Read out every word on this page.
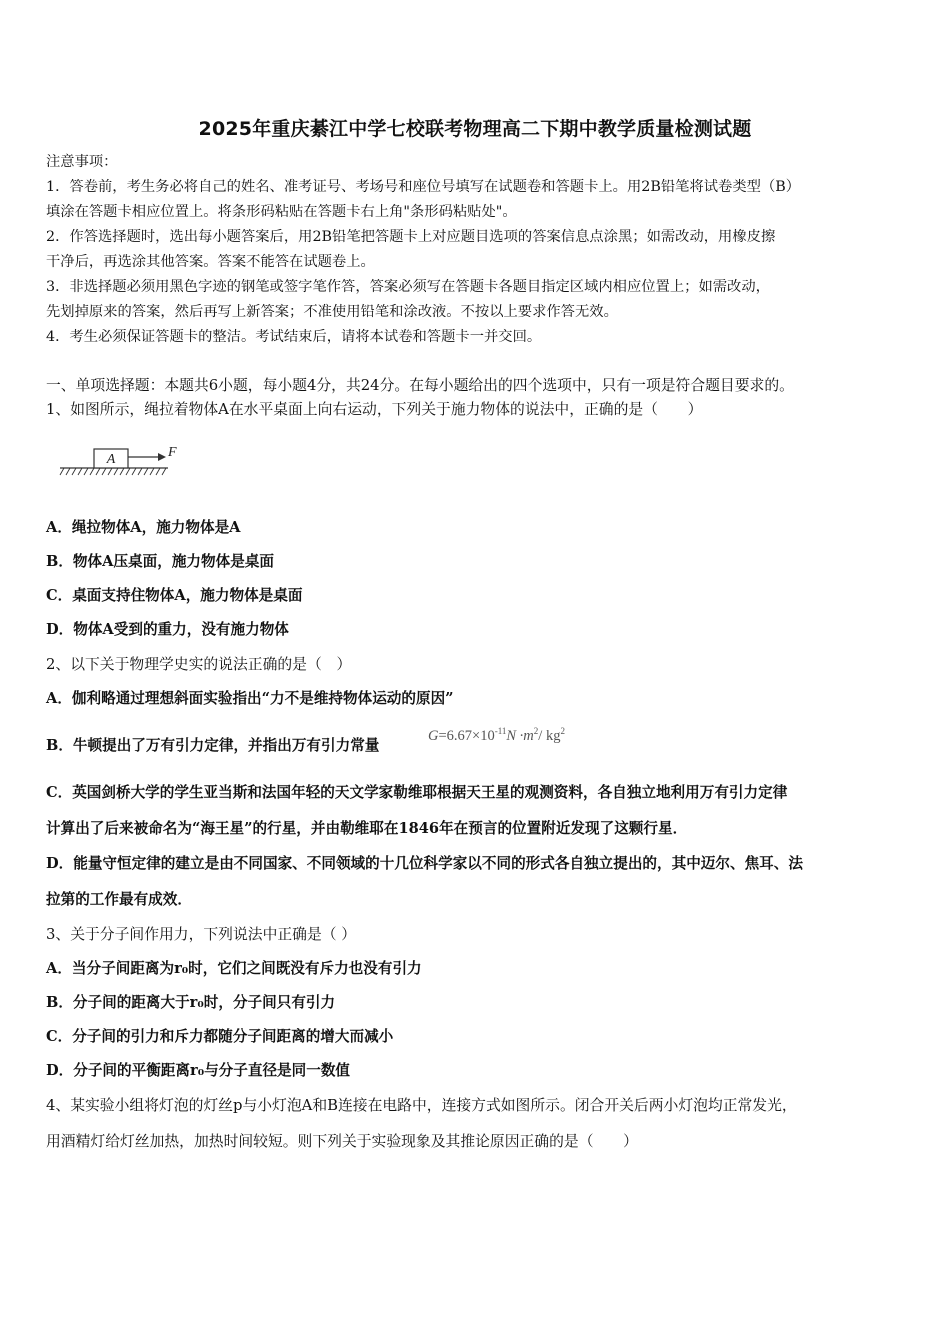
2025年重庆綦江中学七校联考物理高二下期中教学质量检测试题
注意事项：
1．答卷前，考生务必将自己的姓名、准考证号、考场号和座位号填写在试题卷和答题卡上。用2B铅笔将试卷类型（B）
填涂在答题卡相应位置上。将条形码粘贴在答题卡右上角"条形码粘贴处"。
2．作答选择题时，选出每小题答案后，用2B铅笔把答题卡上对应题目选项的答案信息点涂黑；如需改动，用橡皮擦
干净后，再选涂其他答案。答案不能答在试题卷上。
3．非选择题必须用黑色字迹的钢笔或签字笔作答，答案必须写在答题卡各题目指定区域内相应位置上；如需改动，
先划掉原来的答案，然后再写上新答案；不准使用铅笔和涂改液。不按以上要求作答无效。
4．考生必须保证答题卡的整洁。考试结束后，请将本试卷和答题卡一并交回。
一、单项选择题：本题共6小题，每小题4分，共24分。在每小题给出的四个选项中，只有一项是符合题目要求的。
1、如图所示，绳拉着物体A在水平桌面上向右运动，下列关于施力物体的说法中，正确的是（　　）
A	F
A．绳拉物体A，施力物体是A
B．物体A压桌面，施力物体是桌面
C．桌面支持住物体A，施力物体是桌面
D．物体A受到的重力，没有施力物体
2、以下关于物理学史实的说法正确的是（　）
A．伽利略通过理想斜面实验指出“力不是维持物体运动的原因”
B．牛顿提出了万有引力定律，并指出万有引力常量
$G=6.67\times 10^{-11}N \cdot m^2/$ $kg^2$
C．英国剑桥大学的学生亚当斯和法国年轻的天文学家勒维耶根据天王星的观测资料，各自独立地利用万有引力定律
计算出了后来被命名为“海王星”的行星，并由勒维耶在1846年在预言的位置附近发现了这颗行星．
D．能量守恒定律的建立是由不同国家、不同领域的十几位科学家以不同的形式各自独立提出的，其中迈尔、焦耳、法
拉第的工作最有成效．
3、关于分子间作用力，下列说法中正确是（ ）
A．当分子间距离为r₀时，它们之间既没有斥力也没有引力
B．分子间的距离大于r₀时，分子间只有引力
C．分子间的引力和斥力都随分子间距离的增大而减小
D．分子间的平衡距离r₀与分子直径是同一数值
4、某实验小组将灯泡的灯丝p与小灯泡A和B连接在电路中，连接方式如图所示。闭合开关后两小灯泡均正常发光，
用酒精灯给灯丝加热，加热时间较短。则下列关于实验现象及其推论原因正确的是（　　）
